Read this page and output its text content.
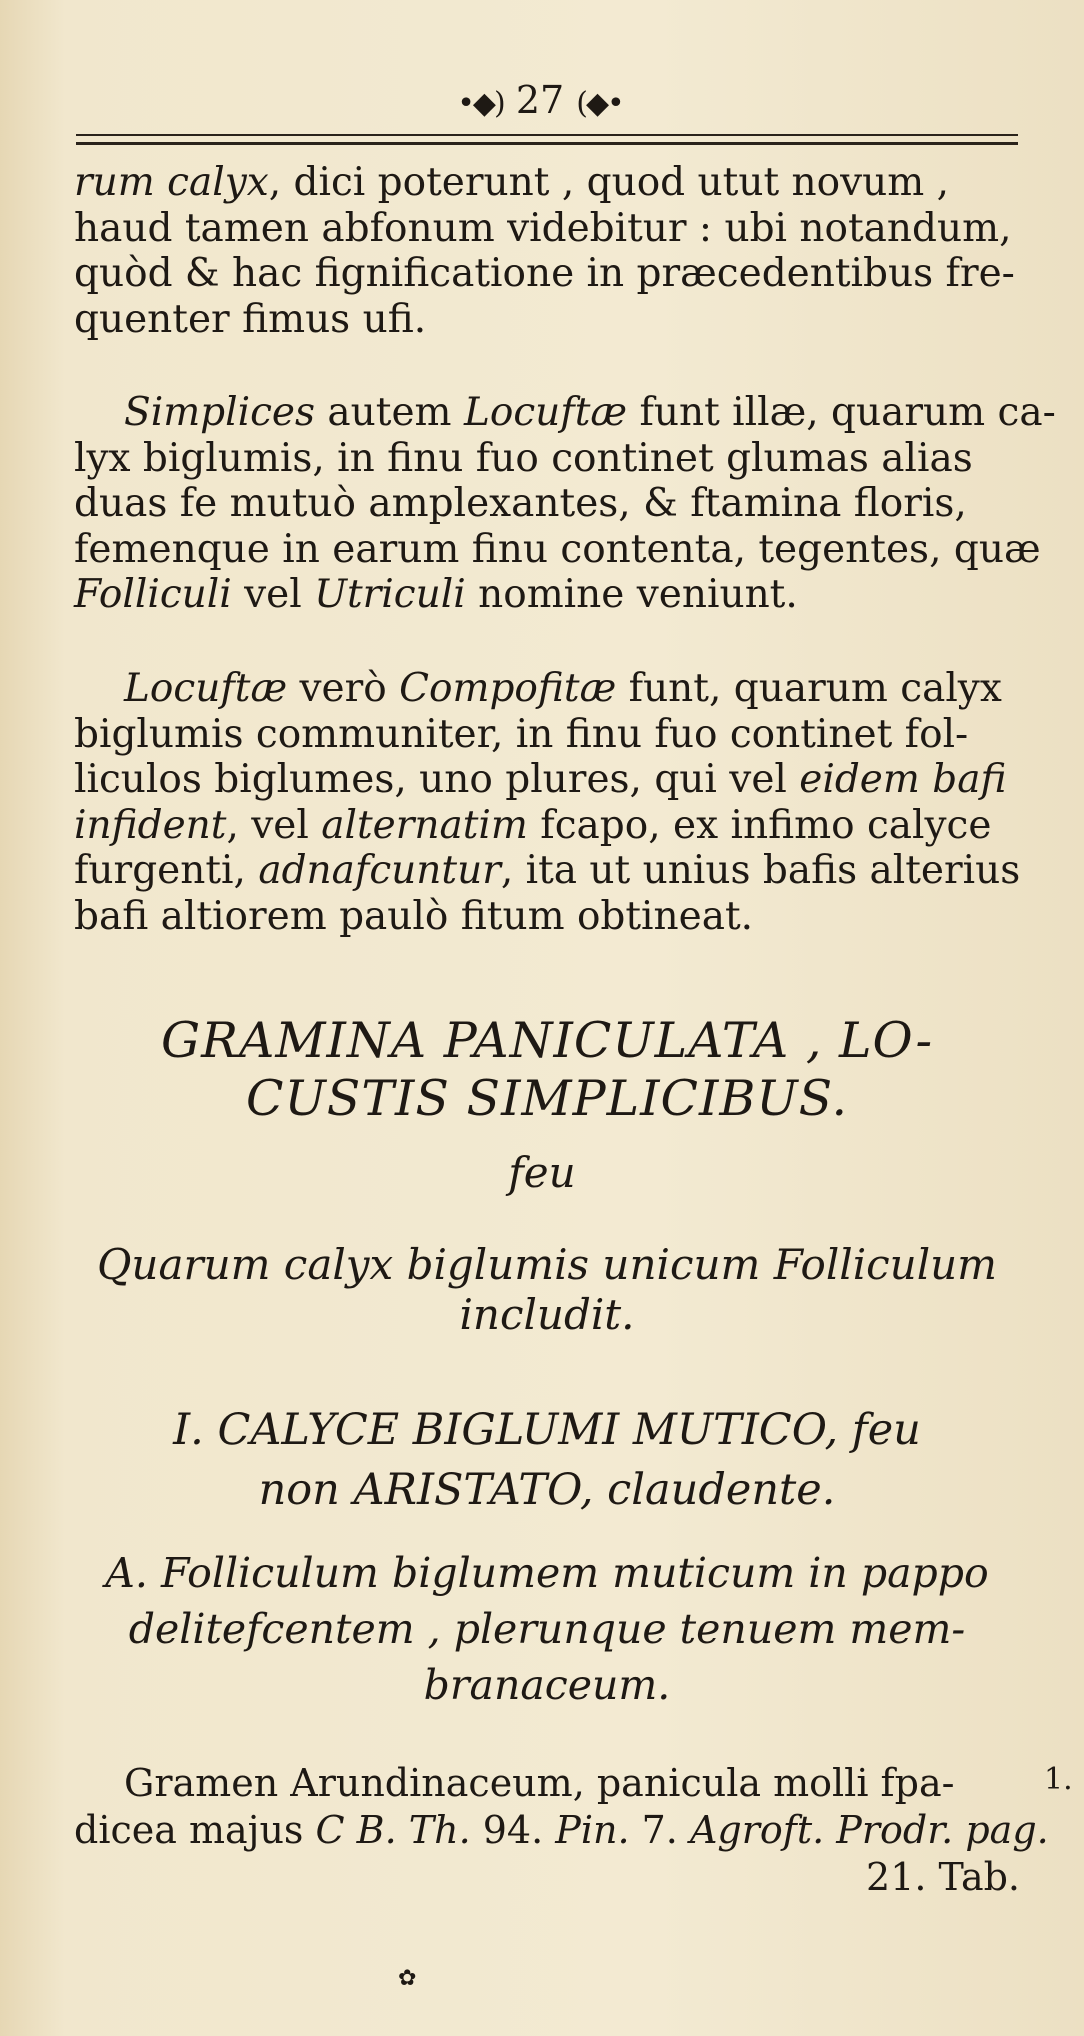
•◆) 27 (◆•
rum calyx, dici poterunt , quod utut novum ,
haud tamen abfonum videbitur : ubi notandum,
quòd & hac fignificatione in præcedentibus fre-
quenter fimus ufi.
Simplices autem Locuftæ funt illæ, quarum ca-
lyx biglumis, in finu fuo continet glumas alias
duas fe mutuò amplexantes, & ftamina floris,
femenque in earum finu contenta, tegentes, quæ
Folliculi vel Utriculi nomine veniunt.
Locuftæ verò Compofitæ funt, quarum calyx
biglumis communiter, in finu fuo continet fol-
liculos biglumes, uno plures, qui vel eidem bafi
infident, vel alternatim fcapo, ex infimo calyce
furgenti, adnafcuntur, ita ut unius bafis alterius
bafi altiorem paulò fitum obtineat.
GRAMINA PANICULATA , LO-
CUSTIS SIMPLICIBUS.
feu
Quarum calyx biglumis unicum Folliculum
includit.
I. CALYCE BIGLUMI MUTICO, feu
non ARISTATO, claudente.
A. Folliculum biglumem muticum in pappo
delitefcentem , plerunque tenuem mem-
branaceum.
Gramen Arundinaceum, panicula molli fpa-
dicea majus C B. Th. 94. Pin. 7. Agroft. Prodr. pag.
21. Tab.
1.
✿
